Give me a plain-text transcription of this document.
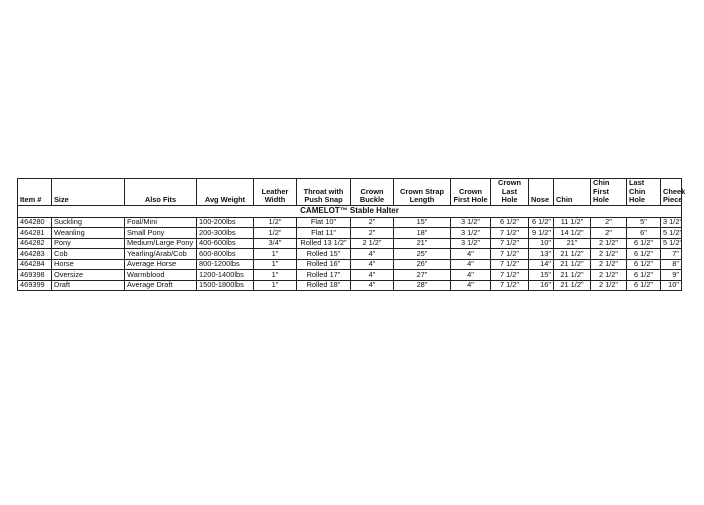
CAMELOT™ Stable Halter														
Item #	Size	Also Fits	Avg Weight	Leather Width	Throat with Push Snap	Crown Buckle	Crown Strap Length	Crown First Hole	Crown Last Hole	Nose	Chin	Chin First Hole	Last Chin Hole	Cheek Piece
464280	Suckling	Foal/Mini	100-200lbs	1/2"	Flat 10"	2"	15"	3 1/2"	6 1/2"	6 1/2"	11 1/2"	2"	5"	3 1/2"
464281	Weanling	Small Pony	200-300lbs	1/2"	Flat 11"	2"	18"	3 1/2"	7 1/2"	9 1/2"	14 1/2"	2"	6"	5 1/2"
464282	Pony	Medium/Large Pony	400-600lbs	3/4"	Rolled 13 1/2"	2 1/2"	21"	3 1/2"	7 1/2"	10"	21"	2 1/2"	6 1/2"	5 1/2"
464283	Cob	Yearling/Arab/Cob	600-800lbs	1"	Rolled 15"	4"	25"	4"	7 1/2"	13"	21 1/2"	2 1/2"	6 1/2"	7"
464284	Horse	Average Horse	800-1200lbs	1"	Rolled 16"	4"	26"	4"	7 1/2"	14"	21 1/2"	2 1/2"	6 1/2"	8"
469398	Oversize	Warmblood	1200-1400lbs	1"	Rolled 17"	4"	27"	4"	7 1/2"	15"	21 1/2"	2 1/2"	6 1/2"	9"
469399	Draft	Average Draft	1500-1800lbs	1"	Rolled 18"	4"	28"	4"	7 1/2"	16"	21 1/2"	2 1/2"	6 1/2"	10"
